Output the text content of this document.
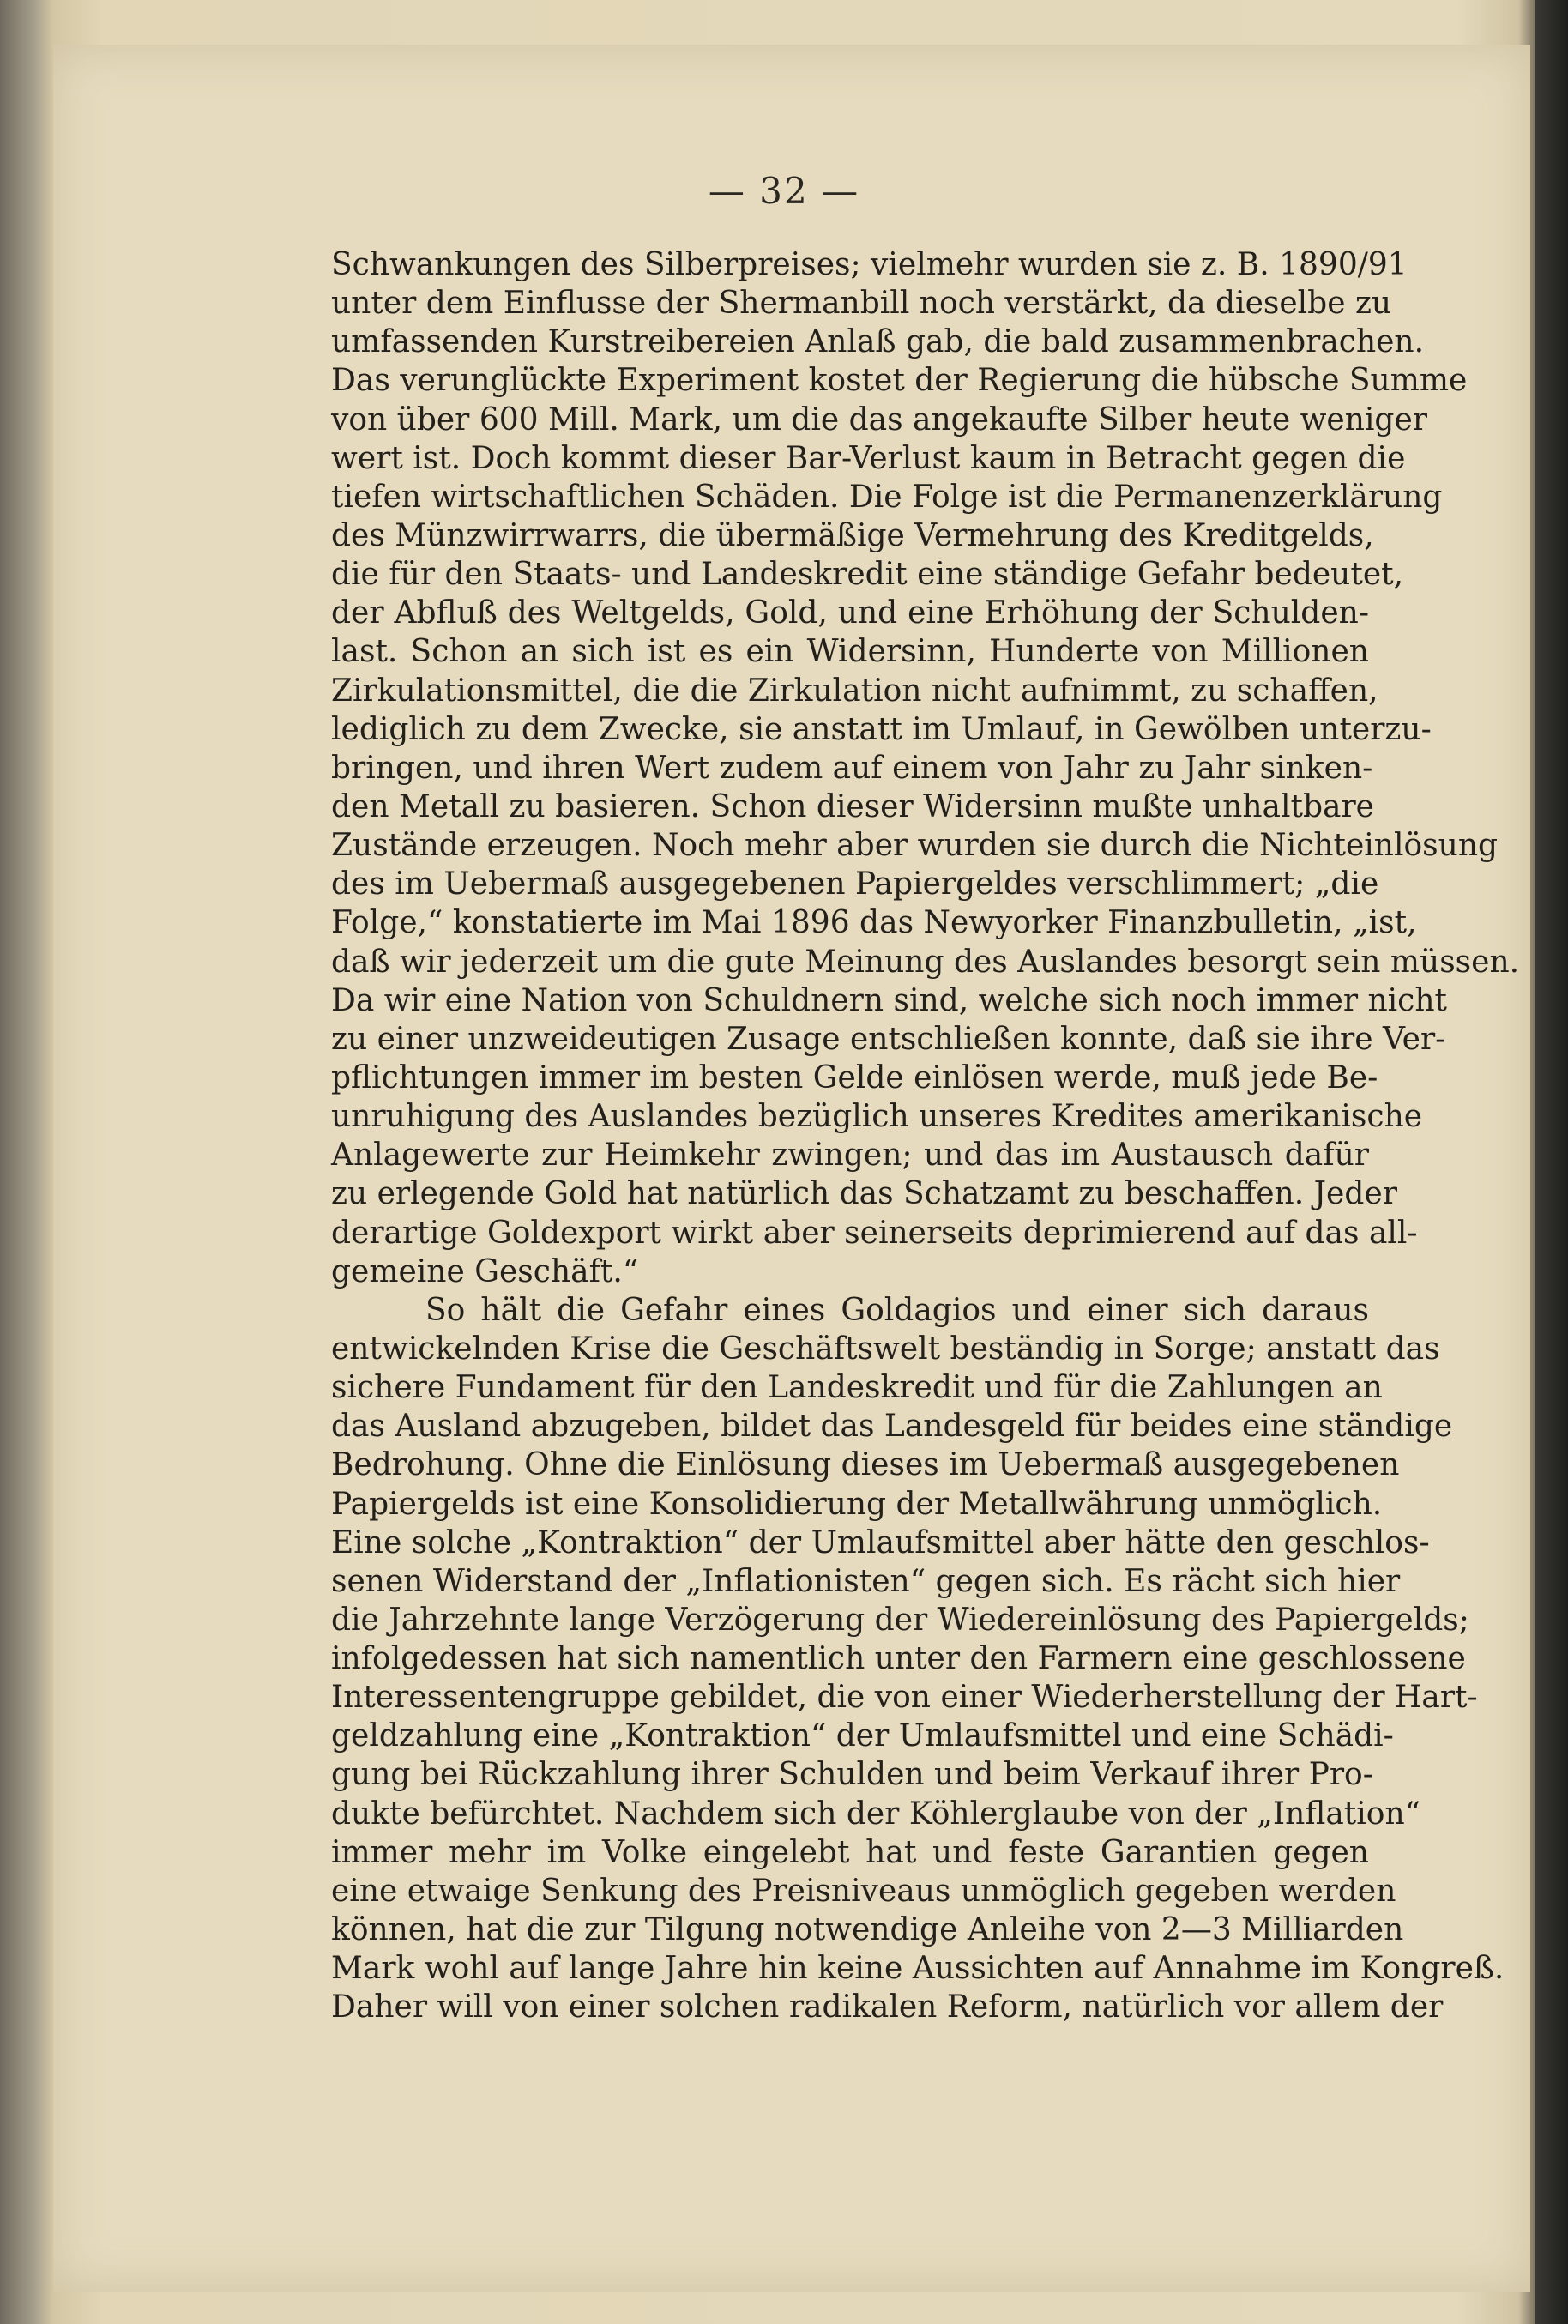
— 32 —
Schwankungen des Silberpreises; vielmehr wurden sie z. B. 1890/91
unter dem Einflusse der Shermanbill noch verstärkt, da dieselbe zu
umfassenden Kurstreibereien Anlaß gab, die bald zusammenbrachen.
Das verunglückte Experiment kostet der Regierung die hübsche Summe
von über 600 Mill. Mark, um die das angekaufte Silber heute weniger
wert ist. Doch kommt dieser Bar-Verlust kaum in Betracht gegen die
tiefen wirtschaftlichen Schäden. Die Folge ist die Permanenzerklärung
des Münzwirrwarrs, die übermäßige Vermehrung des Kreditgelds,
die für den Staats- und Landeskredit eine ständige Gefahr bedeutet,
der Abfluß des Weltgelds, Gold, und eine Erhöhung der Schulden-
last. Schon an sich ist es ein Widersinn, Hunderte von Millionen
Zirkulationsmittel, die die Zirkulation nicht aufnimmt, zu schaffen,
lediglich zu dem Zwecke, sie anstatt im Umlauf, in Gewölben unterzu-
bringen, und ihren Wert zudem auf einem von Jahr zu Jahr sinken-
den Metall zu basieren. Schon dieser Widersinn mußte unhaltbare
Zustände erzeugen. Noch mehr aber wurden sie durch die Nichteinlösung
des im Uebermaß ausgegebenen Papiergeldes verschlimmert; „die
Folge,“ konstatierte im Mai 1896 das Newyorker Finanzbulletin, „ist,
daß wir jederzeit um die gute Meinung des Auslandes besorgt sein müssen.
Da wir eine Nation von Schuldnern sind, welche sich noch immer nicht
zu einer unzweideutigen Zusage entschließen konnte, daß sie ihre Ver-
pflichtungen immer im besten Gelde einlösen werde, muß jede Be-
unruhigung des Auslandes bezüglich unseres Kredites amerikanische
Anlagewerte zur Heimkehr zwingen; und das im Austausch dafür
zu erlegende Gold hat natürlich das Schatzamt zu beschaffen. Jeder
derartige Goldexport wirkt aber seinerseits deprimierend auf das all-
gemeine Geschäft.“
So hält die Gefahr eines Goldagios und einer sich daraus
entwickelnden Krise die Geschäftswelt beständig in Sorge; anstatt das
sichere Fundament für den Landeskredit und für die Zahlungen an
das Ausland abzugeben, bildet das Landesgeld für beides eine ständige
Bedrohung. Ohne die Einlösung dieses im Uebermaß ausgegebenen
Papiergelds ist eine Konsolidierung der Metallwährung unmöglich.
Eine solche „Kontraktion“ der Umlaufsmittel aber hätte den geschlos-
senen Widerstand der „Inflationisten“ gegen sich. Es rächt sich hier
die Jahrzehnte lange Verzögerung der Wiedereinlösung des Papiergelds;
infolgedessen hat sich namentlich unter den Farmern eine geschlossene
Interessentengruppe gebildet, die von einer Wiederherstellung der Hart-
geldzahlung eine „Kontraktion“ der Umlaufsmittel und eine Schädi-
gung bei Rückzahlung ihrer Schulden und beim Verkauf ihrer Pro-
dukte befürchtet. Nachdem sich der Köhlerglaube von der „Inflation“
immer mehr im Volke eingelebt hat und feste Garantien gegen
eine etwaige Senkung des Preisniveaus unmöglich gegeben werden
können, hat die zur Tilgung notwendige Anleihe von 2—3 Milliarden
Mark wohl auf lange Jahre hin keine Aussichten auf Annahme im Kongreß.
Daher will von einer solchen radikalen Reform, natürlich vor allem der
